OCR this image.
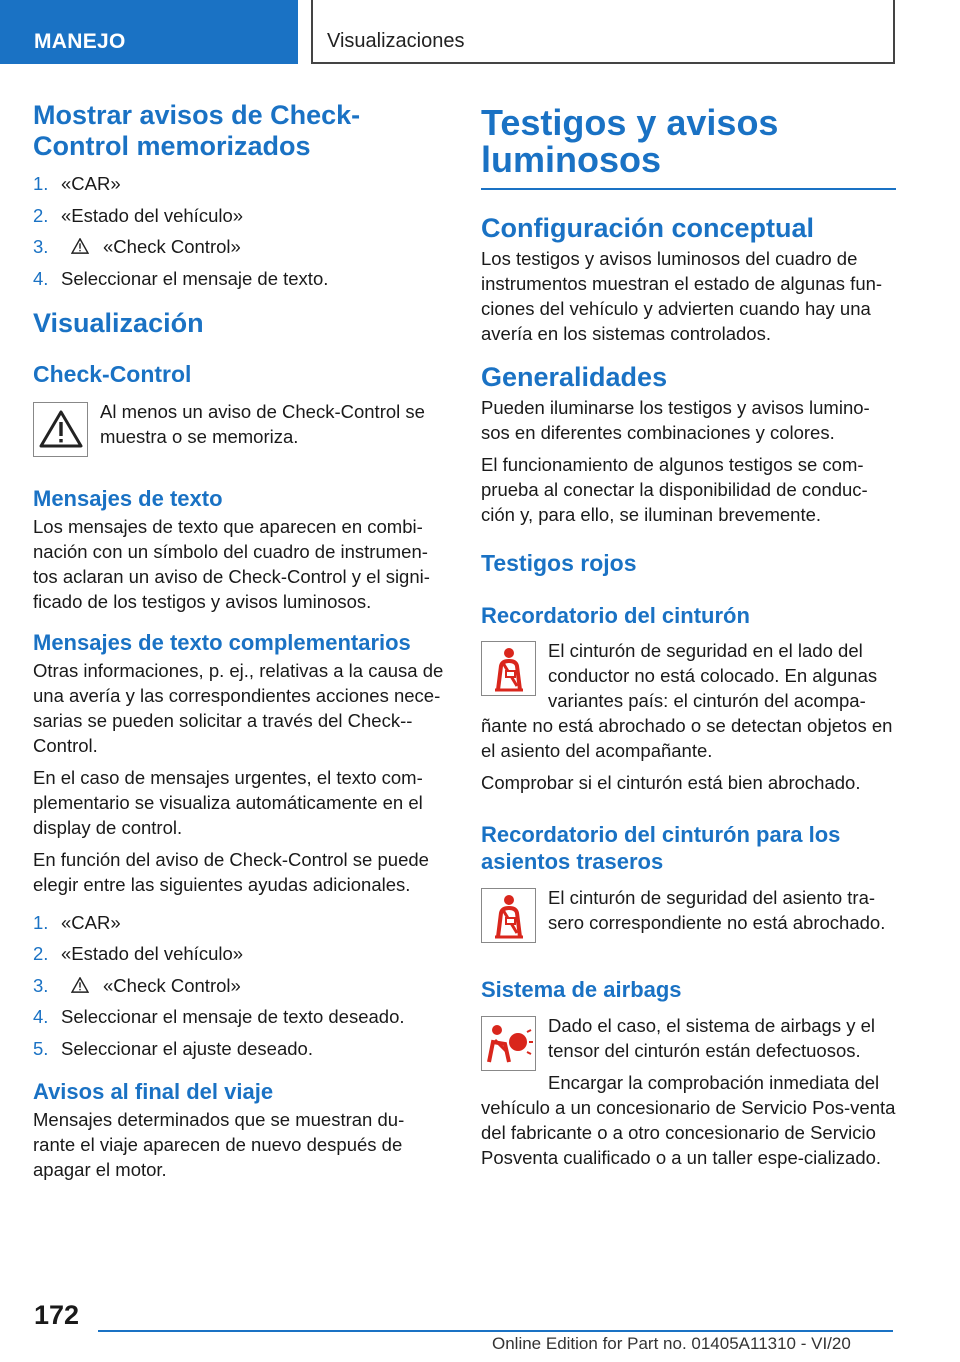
MANEJO	Visualizaciones
Mostrar avisos de Check-Control memorizados
1. «CAR»
2. «Estado del vehículo»
3.	«Check Control»
4. Seleccionar el mensaje de texto.
Visualización
Check-Control

Al menos un aviso de Check-Control se muestra o se memoriza.

Mensajes de texto

Los mensajes de texto que aparecen en combi-nación con un símbolo del cuadro de instrumen-tos aclaran un aviso de Check-Control y el signi-ficado de los testigos y avisos luminosos.

Mensajes de texto complementarios

Otras informaciones, p. ej., relativas a la causa de una avería y las correspondientes acciones nece-sarias se pueden solicitar a través del Check--Control.

En el caso de mensajes urgentes, el texto com-plementario se visualiza automáticamente en el display de control.

En función del aviso de Check-Control se puede elegir entre las siguientes ayudas adicionales.

1. «CAR»
2. «Estado del vehículo»
3.	«Check Control»
4. Seleccionar el mensaje de texto deseado.
5. Seleccionar el ajuste deseado.
Avisos al final del viaje

Mensajes determinados que se muestran du-rante el viaje aparecen de nuevo después de apagar el motor.

Testigos y avisos luminosos
Configuración conceptual

Los testigos y avisos luminosos del cuadro de instrumentos muestran el estado de algunas fun-ciones del vehículo y advierten cuando hay una avería en los sistemas controlados.

Generalidades

Pueden iluminarse los testigos y avisos lumino-sos en diferentes combinaciones y colores.

El funcionamiento de algunos testigos se com-prueba al conectar la disponibilidad de conduc-ción y, para ello, se iluminan brevemente.

Testigos rojos
Recordatorio del cinturón

El cinturón de seguridad en el lado del conductor no está colocado. En algunas variantes país: el cinturón del acompa-

ñante no está abrochado o se detectan objetos en el asiento del acompañante.

Comprobar si el cinturón está bien abrochado.

Recordatorio del cinturón para los asientos traseros

El cinturón de seguridad del asiento tra-sero correspondiente no está abrochado.

Sistema de airbags

Dado el caso, el sistema de airbags y el tensor del cinturón están defectuosos.

Encargar la comprobación inmediata del

vehículo a un concesionario de Servicio Pos-venta del fabricante o a otro concesionario de Servicio Posventa cualificado o a un taller espe-cializado.

172
Online Edition for Part no. 01405A11310 - VI/20
